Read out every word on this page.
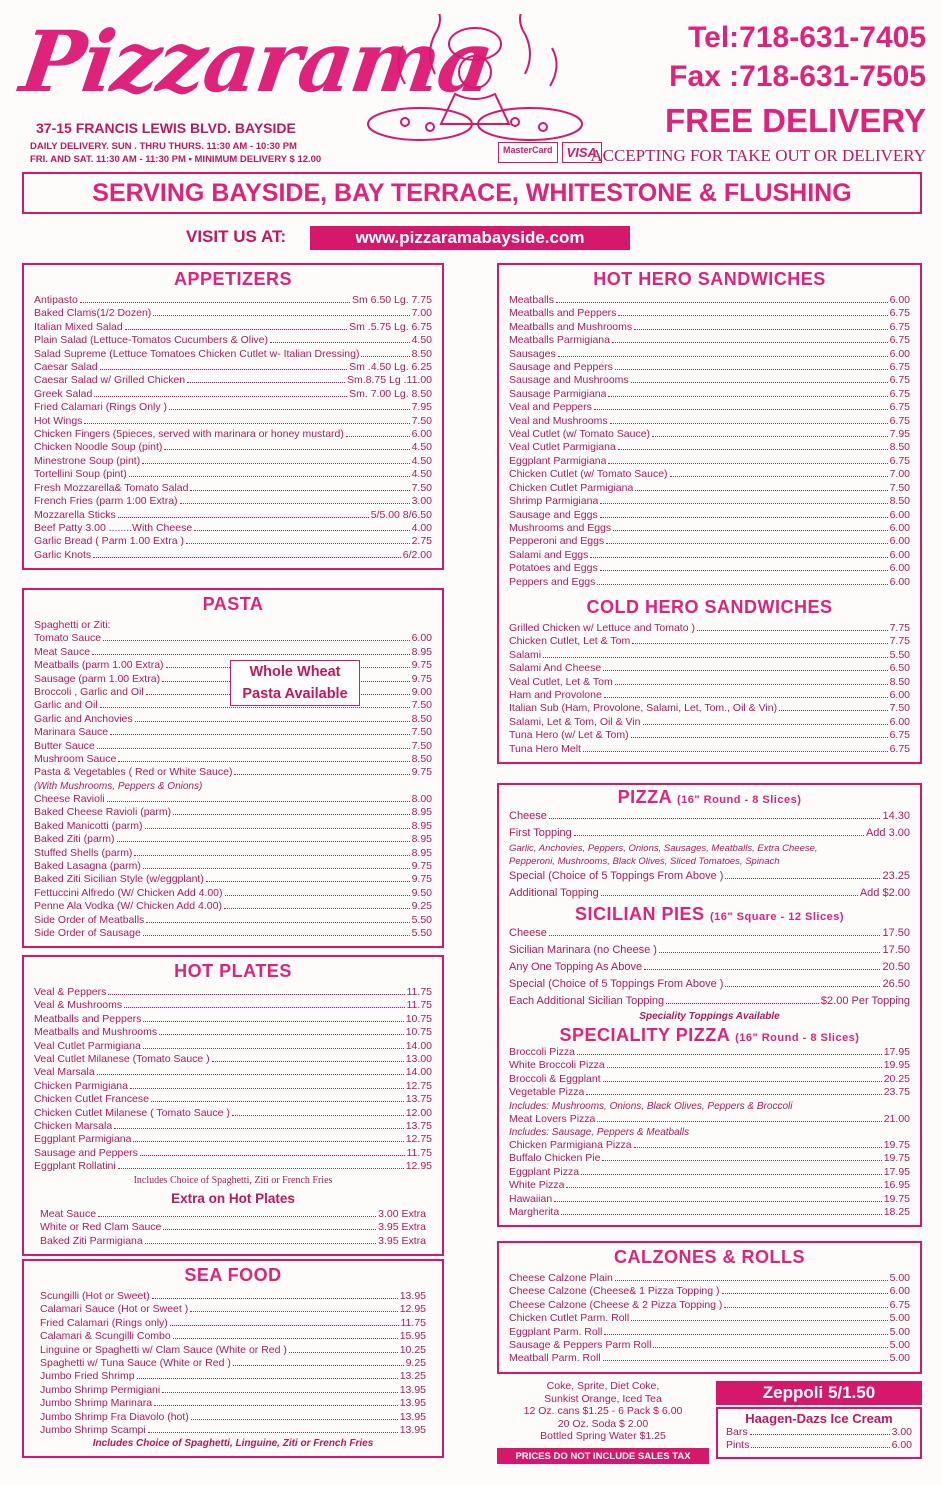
Pizzarama
37-15 FRANCIS LEWIS BLVD. BAYSIDE
DAILY DELIVERY. SUN . THRU THURS. 11:30 AM - 10:30 PM
FRI. AND SAT. 11:30 AM - 11:30 PM • MINIMUM DELIVERY $ 12.00
MasterCard	VISA
Tel:718-631-7405
Fax :718-631-7505
FREE DELIVERY
ACCEPTING FOR TAKE OUT OR DELIVERY
SERVING BAYSIDE, BAY TERRACE, WHITESTONE & FLUSHING
VISIT US AT:	www.pizzaramabayside.com
APPETIZERS
Antipasto	Sm 6.50 Lg. 7.75
Baked Clams(1/2 Dozen)	7.00
Italian Mixed Salad	Sm .5.75 Lg. 6.75
Plain Salad (Lettuce-Tomatos Cucumbers & Olive)	4.50
Salad Supreme (Lettuce Tomatoes Chicken Cutlet w- Italian Dressing)	8.50
Caesar Salad	Sm .4.50 Lg. 6.25
Caesar Salad w/ Grilled Chicken	Sm.8.75 Lg .11.00
Greek Salad	Sm. 7.00 Lg. 8.50
Fried Calamari (Rings Only )	7.95
Hot Wings	7.50
Chicken Fingers (5pieces, served with marinara or honey mustard)	6.00
Chicken Noodle Soup (pint)	4.50
Minestrone Soup (pint)	4.50
Tortellini Soup (pint)	4.50
Fresh Mozzarella& Tomato Salad	7.50
French Fries (parm 1:00 Extra)	3.00
Mozzarella Sticks	5/5.00 8/6.50
Beef Patty 3.00 ........With Cheese	4.00
Garlic Bread ( Parm 1.00 Extra )	2.75
Garlic Knots	6/2.00
PASTA
Spaghetti or Ziti:
Tomato Sauce	6.00
Meat Sauce	8.95
Meatballs (parm 1.00 Extra)	9.75
Sausage (parm 1.00 Extra)	9.75
Broccoli , Garlic and Oil	9.00
Garlic and Oil	7.50
Garlic and Anchovies	8.50
Marinara Sauce	7.50
Butter Sauce	7.50
Mushroom Sauce	8.50
Pasta & Vegetables ( Red or White Sauce)	9.75
(With Mushrooms, Peppers & Onions)
Cheese Ravioli	8.00
Baked Cheese Ravioli (parm)	8.95
Baked Manicotti (parm)	8.95
Baked Ziti (parm)	8.95
Stuffed Shells (parm)	8.95
Baked Lasagna (parm)	9.75
Baked Ziti Sicilian Style (w/eggplant)	9.75
Fettuccini Alfredo (W/ Chicken Add 4.00)	9.50
Penne Ala Vodka (W/ Chicken Add 4.00)	9.25
Side Order of Meatballs	5.50
Side Order of Sausage	5.50
Whole Wheat
Pasta Available
HOT PLATES
Veal & Peppers	11.75
Veal & Mushrooms	11.75
Meatballs and Peppers	10.75
Meatballs and Mushrooms	10.75
Veal Cutlet Parmigiana	14.00
Veal Cutlet Milanese (Tomato Sauce )	13.00
Veal Marsala	14.00
Chicken Parmigiana	12.75
Chicken Cutlet Francese	13.75
Chicken Cutlet Milanese ( Tomato Sauce )	12.00
Chicken Marsala	13.75
Eggplant Parmigiana	12.75
Sausage and Peppers	11.75
Eggplant Rollatini	12.95
Includes Choice of Spaghetti, Ziti or French Fries
Extra on Hot Plates
Meat Sauce	3.00 Extra
White or Red Clam Sauce	3.95 Extra
Baked Ziti Parmigiana	3.95 Extra
SEA FOOD
Scungilli (Hot or Sweet)	13.95
Calamari Sauce (Hot or Sweet )	12.95
Fried Calamari (Rings only)	11.75
Calamari & Scungilli Combo	15.95
Linguine or Spaghetti w/ Clam Sauce (White or Red )	10.25
Spaghetti w/ Tuna Sauce (White or Red )	9.25
Jumbo Fried Shrimp	13.25
Jumbo Shrimp Permigiani	13.95
Jumbo Shrimp Marinara	13.95
Jumbo Shrimp Fra Diavolo (hot)	13.95
Jumbo Shrimp Scampi	13.95
Includes Choice of Spaghetti, Linguine, Ziti or French Fries
HOT HERO SANDWICHES
Meatballs	6.00
Meatballs and Peppers	6.75
Meatballs and Mushrooms	6.75
Meatballs Parmigiana	6.75
Sausages	6.00
Sausage and Peppers	6.75
Sausage and Mushrooms	6.75
Sausage Parmigiana	6.75
Veal and Peppers	6.75
Veal and Mushrooms	6.75
Veal Cutlet (w/ Tomato Sauce)	7.95
Veal Cutlet Parmigiana	8.50
Eggplant Parmigiana	6.75
Chicken Cutlet (w/ Tomato Sauce)	7.00
Chicken Cutlet Parmigiana	7.50
Shrimp Parmigiana	8.50
Sausage and Eggs	6.00
Mushrooms and Eggs	6.00
Pepperoni and Eggs	6.00
Salami and Eggs	6.00
Potatoes and Eggs	6.00
Peppers and Eggs	6.00
COLD HERO SANDWICHES
Grilled Chicken w/ Lettuce and Tomato )	7.75
Chicken Cutlet, Let & Tom	7.75
Salami	5.50
Salami And Cheese	6.50
Veal Cutlet, Let & Tom	8.50
Ham and Provolone	6.00
Italian Sub (Ham, Provolone, Salami, Let, Tom., Oil & Vin)	7.50
Salami, Let & Tom, Oil & Vin	6.00
Tuna Hero (w/ Let & Tom)	6.75
Tuna Hero Melt	6.75
PIZZA (16" Round - 8 Slices)
Cheese	14.30
First Topping	Add 3.00
Garlic, Anchovies, Peppers, Onions, Sausages, Meatballs, Extra Cheese,
Pepperoni, Mushrooms, Black Olives, Sliced Tomatoes, Spinach
Special (Choice of 5 Toppings From Above )	23.25
Additional Topping	Add $2.00
SICILIAN PIES (16" Square - 12 Slices)
Cheese	17.50
Sicilian Marinara (no Cheese )	17.50
Any One Topping As Above	20.50
Special (Choice of 5 Toppings From Above )	26.50
Each Additional Sicilian Topping	$2.00 Per Topping
Speciality Toppings Available
SPECIALITY PIZZA (16" Round - 8 Slices)
Broccoli Pizza	17.95
White Broccoli Pizza	19.95
Broccoli & Eggplant	20.25
Vegetable Pizza	23.75
Includes: Mushrooms, Onions, Black Olives, Peppers & Broccoli
Meat Lovers Pizza	21.00
Includes: Sausage, Peppers & Meatballs
Chicken Parmigiana Pizza	19.75
Buffalo Chicken Pie	19.75
Eggplant Pizza	17.95
White Pizza	16.95
Hawaiian	19.75
Margherita	18.25
CALZONES & ROLLS
Cheese Calzone Plain	5.00
Cheese Calzone (Cheese& 1 Pizza Topping )	6.00
Cheese Calzone (Cheese & 2 Pizza Topping )	6.75
Chicken Cutlet Parm. Roll	5.00
Eggplant Parm. Roll	5.00
Sausage & Peppers Parm Roll	5.00
Meatball Parm. Roll	5.00
Coke, Sprite, Diet Coke,
Sunkist Orange, Iced Tea
12 Oz. cans $1.25 - 6 Pack $ 6.00
20 Oz. Soda $ 2.00
Bottled Spring Water $1.25
PRICES DO NOT INCLUDE SALES TAX
Zeppoli 5/1.50
Haagen-Dazs Ice Cream
Bars	3.00
Pints	6.00
